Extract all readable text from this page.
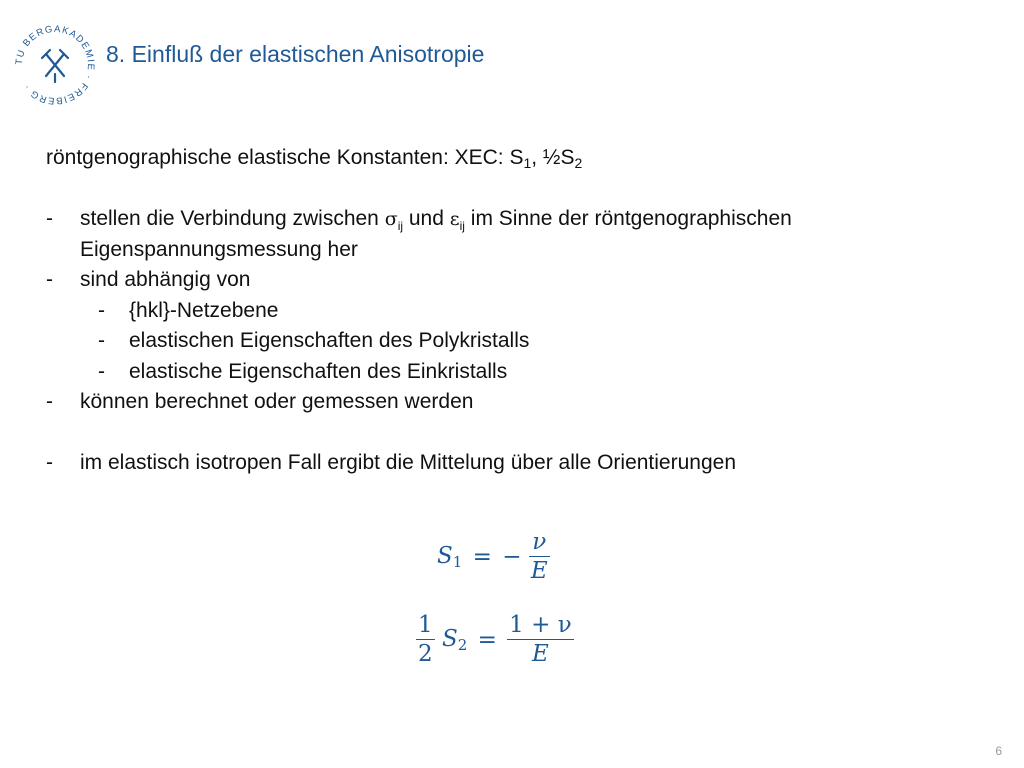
TU BERGAKADEMIE · FREIBERG ·
8. Einfluß der elastischen Anisotropie
röntgenographische elastische Konstanten: XEC: $S_1$, $\frac{1}{2}S_2$
- stellen die Verbindung zwischen $\sigma_{ij}$ und $\varepsilon_{ij}$ im Sinne der röntgenographischen
Eigenspannungsmessung her
- sind abhängig von
- {hkl}-Netzebene
- elastischen Eigenschaften des Polykristalls
- elastische Eigenschaften des Einkristalls
- können berechnet oder gemessen werden
- im elastisch isotropen Fall ergibt die Mittelung über alle Orientierungen
S1 = − $\frac{\nu}{E}$
$\frac{1}{2} S2 = \frac{1 + \nu}{E}$
6
